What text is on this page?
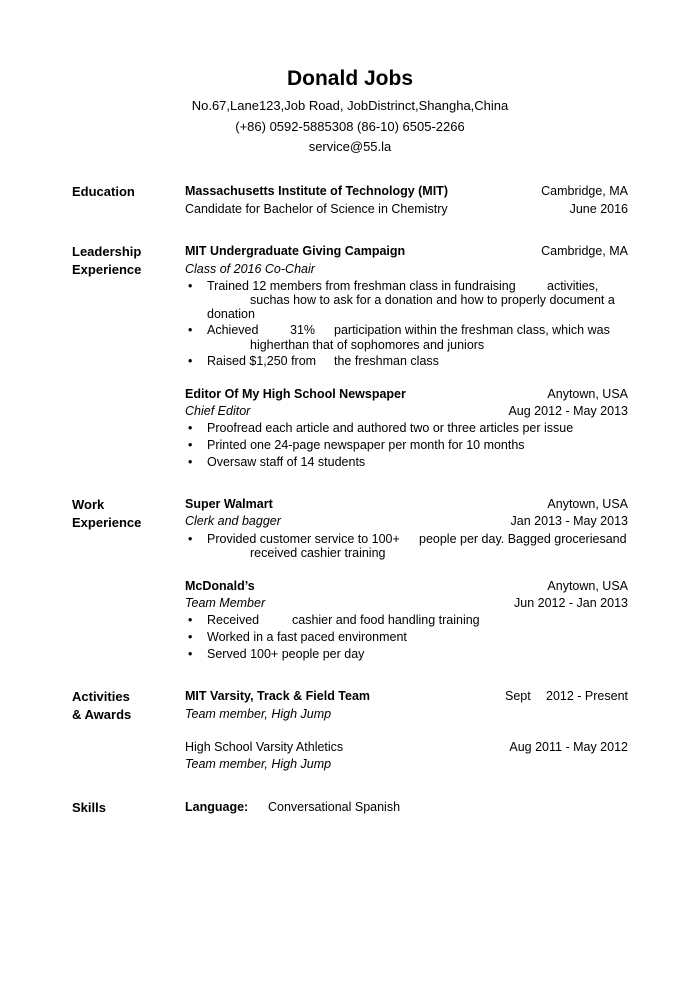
Donald Jobs
No.67,Lane123,Job Road, JobDistrinct,Shangha,China
(+86) 0592-5885308 (86-10) 6505-2266
service@55.la
Education	Massachusetts Institute of Technology (MIT)	Cambridge, MA
Candidate for Bachelor of Science in Chemistry	June 2016
Leadership
Experience
MIT Undergraduate Giving Campaign	Cambridge, MA
Class of 2016 Co-Chair
• Trained 12 members from freshman class in fundraising	activities,
suchas how to ask for a donation and how to properly document a
donation
• Achieved	31% participation within the freshman class, which was
higherthan that of sophomores and juniors
• Raised $1,250 from the freshman class
Editor Of My High School Newspaper	Anytown, USA
Chief Editor	Aug 2012 - May 2013
• Proofread each article and authored two or three articles per issue
• Printed one 24-page newspaper per month for 10 months
• Oversaw staff of 14 students
Work
Experience
Super Walmart	Anytown, USA
Clerk and bagger	Jan 2013 - May 2013
• Provided customer service to 100+ people per day. Bagged groceriesand
received cashier training
McDonald’s	Anytown, USA
Team Member	Jun 2012 - Jan 2013
• Received	cashier and food handling training
• Worked in a fast paced environment
• Served 100+ people per day
Activities
& Awards
MIT Varsity, Track & Field Team	Sept 2012 - Present
Team member, High Jump
High School Varsity Athletics	Aug 2011 - May 2012
Team member, High Jump
Skills	Language: Conversational Spanish
